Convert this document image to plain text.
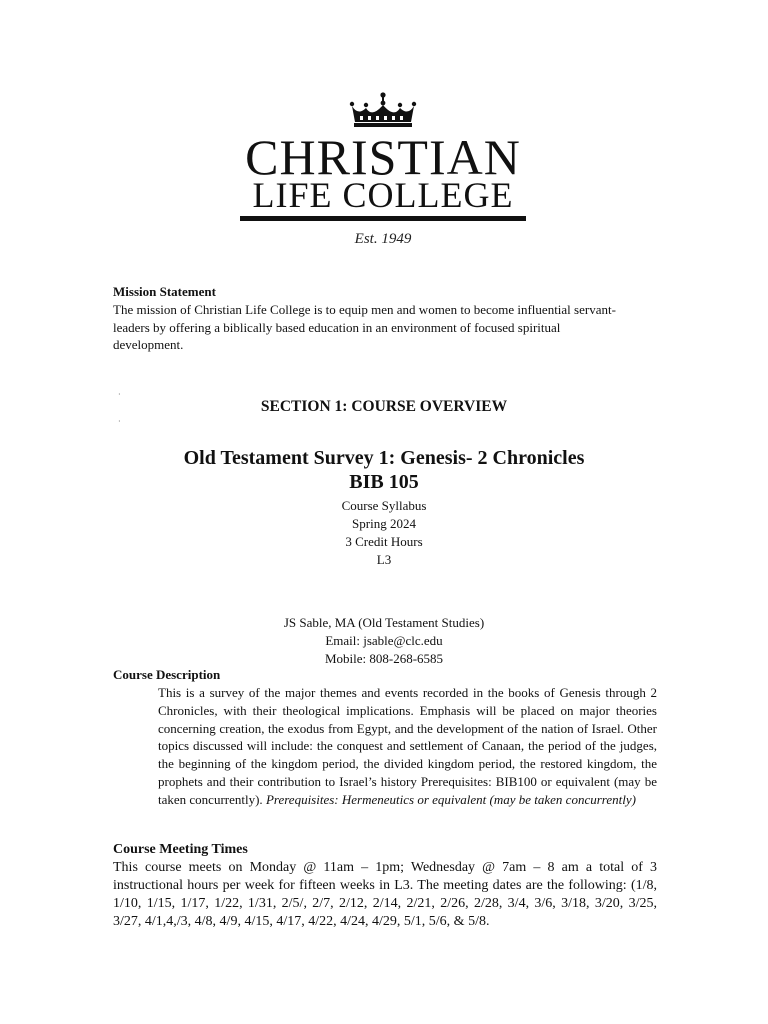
CHRISTIAN
LIFE COLLEGE
Est. 1949
Mission Statement
The mission of Christian Life College is to equip men and women to become influential servant-leaders by offering a biblically based education in an environment of focused spiritual development.
·
·
SECTION 1: COURSE OVERVIEW
Old Testament Survey 1: Genesis- 2 Chronicles
BIB 105
Course Syllabus
Spring 2024
3 Credit Hours
L3
JS Sable, MA (Old Testament Studies)
Email: jsable@clc.edu
Mobile: 808-268-6585
Course Description
This is a survey of the major themes and events recorded in the books of Genesis through 2 Chronicles, with their theological implications. Emphasis will be placed on major theories concerning creation, the exodus from Egypt, and the development of the nation of Israel. Other topics discussed will include: the conquest and settlement of Canaan, the period of the judges, the beginning of the kingdom period, the divided kingdom period, the restored kingdom, the prophets and their contribution to Israel’s history Prerequisites: BIB100 or equivalent (may be taken concurrently). Prerequisites: Hermeneutics or equivalent (may be taken concurrently)
Course Meeting Times
This course meets on Monday @ 11am – 1pm; Wednesday @ 7am – 8 am a total of 3 instructional hours per week for fifteen weeks in L3. The meeting dates are the following: (1/8, 1/10, 1/15, 1/17, 1/22, 1/31, 2/5/, 2/7, 2/12, 2/14, 2/21, 2/26, 2/28, 3/4, 3/6, 3/18, 3/20, 3/25, 3/27, 4/1,4,/3, 4/8, 4/9, 4/15, 4/17, 4/22, 4/24, 4/29, 5/1, 5/6, & 5/8.
